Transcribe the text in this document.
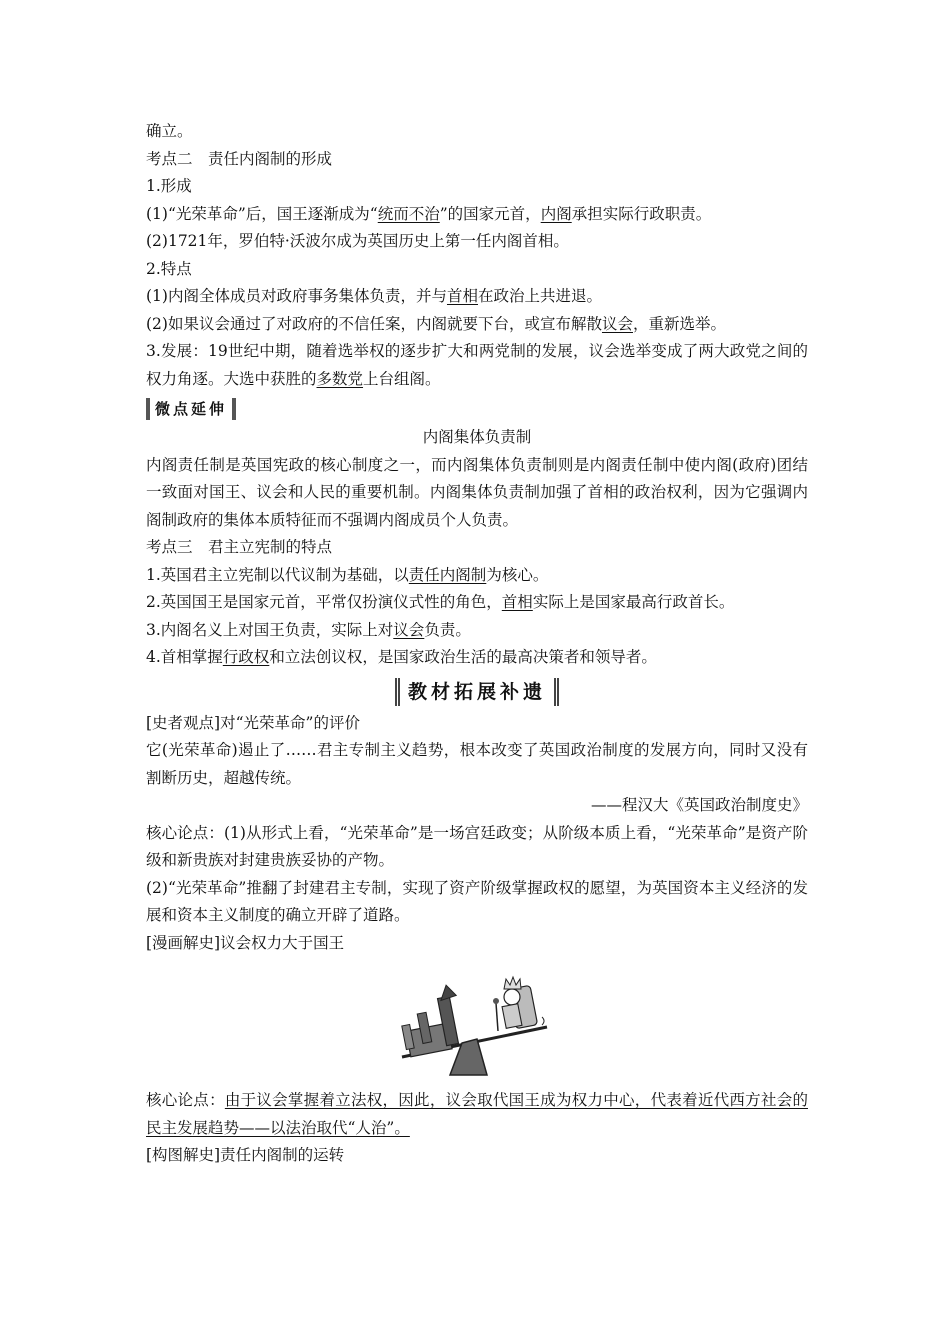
确立。
考点二　责任内阁制的形成
1.形成
(1)“光荣革命”后，国王逐渐成为“统而不治”的国家元首，内阁承担实际行政职责。
(2)1721年，罗伯特·沃波尔成为英国历史上第一任内阁首相。
2.特点
(1)内阁全体成员对政府事务集体负责，并与首相在政治上共进退。
(2)如果议会通过了对政府的不信任案，内阁就要下台，或宣布解散议会，重新选举。
3.发展：19世纪中期，随着选举权的逐步扩大和两党制的发展，议会选举变成了两大政党之间的权力角逐。大选中获胜的多数党上台组阁。
微点延伸
内阁集体负责制
内阁责任制是英国宪政的核心制度之一，而内阁集体负责制则是内阁责任制中使内阁(政府)团结一致面对国王、议会和人民的重要机制。内阁集体负责制加强了首相的政治权利，因为它强调内阁制政府的集体本质特征而不强调内阁成员个人负责。
考点三　君主立宪制的特点
1.英国君主立宪制以代议制为基础，以责任内阁制为核心。
2.英国国王是国家元首，平常仅扮演仪式性的角色，首相实际上是国家最高行政首长。
3.内阁名义上对国王负责，实际上对议会负责。
4.首相掌握行政权和立法创议权，是国家政治生活的最高决策者和领导者。
教材拓展补遗
[史者观点]对“光荣革命”的评价
它(光荣革命)遏止了……君主专制主义趋势，根本改变了英国政治制度的发展方向，同时又没有割断历史，超越传统。
——程汉大《英国政治制度史》
核心论点：(1)从形式上看，“光荣革命”是一场宫廷政变；从阶级本质上看，“光荣革命”是资产阶级和新贵族对封建贵族妥协的产物。
(2)“光荣革命”推翻了封建君主专制，实现了资产阶级掌握政权的愿望，为英国资本主义经济的发展和资本主义制度的确立开辟了道路。
[漫画解史]议会权力大于国王
核心论点：由于议会掌握着立法权，因此，议会取代国王成为权力中心，代表着近代西方社会的民主发展趋势——以法治取代“人治”。
[构图解史]责任内阁制的运转
